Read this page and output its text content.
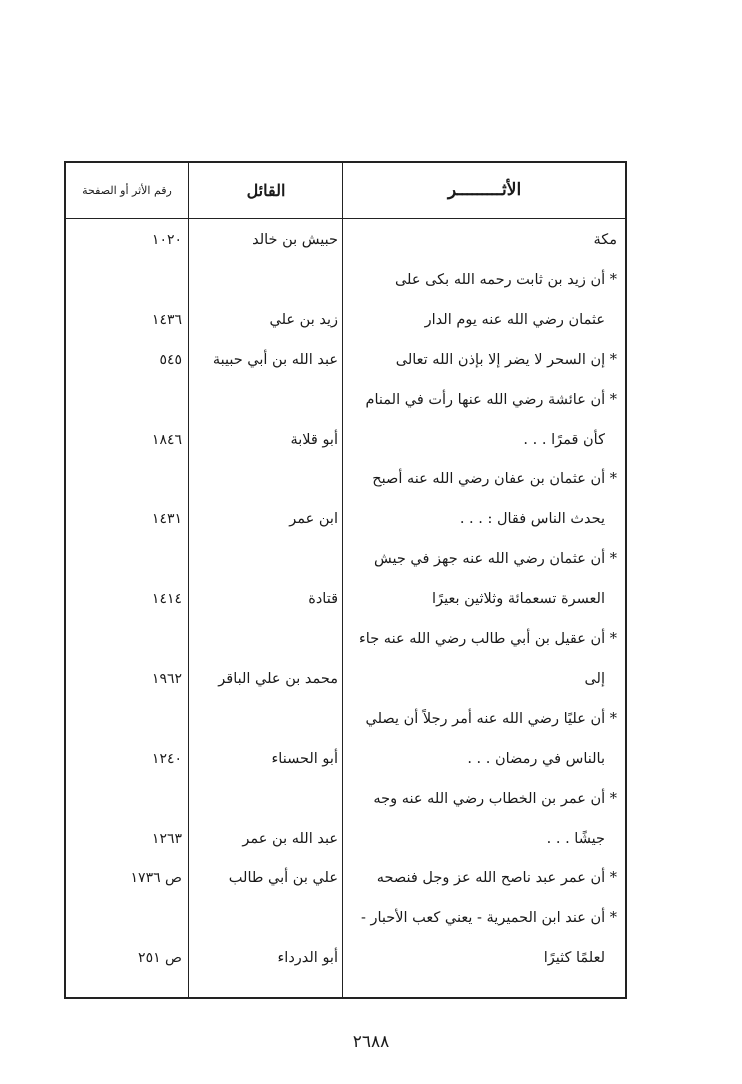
الأثـــــــــر
القائل
رقم الأثر أو الصفحة
مكة
حبيش بن خالد
١٠٢٠
* أن زيد بن ثابت رحمه الله بكى على
عثمان رضي الله عنه يوم الدار
زيد بن علي
١٤٣٦
* إن السحر لا يضر إلا بإذن الله تعالى
عبد الله بن أبي حبيبة
٥٤٥
* أن عائشة رضي الله عنها رأت في المنام
كأن قمرًا . . .
أبو قلابة
١٨٤٦
* أن عثمان بن عفان رضي الله عنه أصبح
يحدث الناس فقال : . . .
ابن عمر
١٤٣١
* أن عثمان رضي الله عنه جهز في جيش
العسرة تسعمائة وثلاثين بعيرًا
قتادة
١٤١٤
* أن عقيل بن أبي طالب رضي الله عنه جاء
إلى
محمد بن علي الباقر
١٩٦٢
* أن عليًا رضي الله عنه أمر رجلاً أن يصلي
بالناس في رمضان . . .
أبو الحسناء
١٢٤٠
* أن عمر بن الخطاب رضي الله عنه وجه
جيشًا . . .
عبد الله بن عمر
١٢٦٣
* أن عمر عبد ناصح الله عز وجل فنصحه
علي بن أبي طالب
ص ١٧٣٦
* أن عند ابن الحميرية - يعني كعب الأحبار -
لعلمًا كثيرًا
أبو الدرداء
ص ٢٥١
٢٦٨٨
